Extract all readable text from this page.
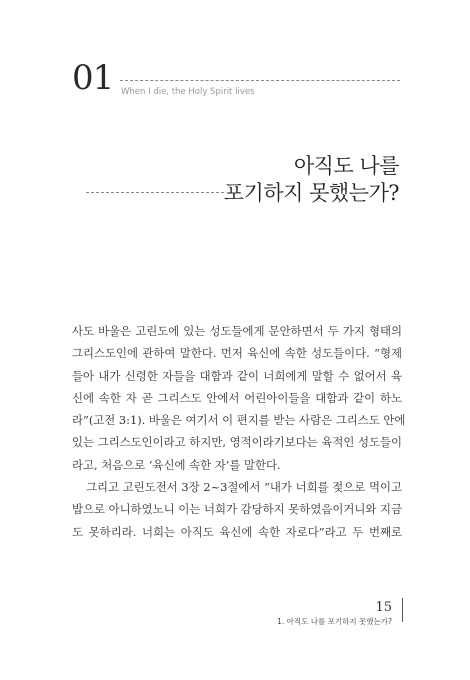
01 When I die, the Holy Spirit lives
아직도 나를
포기하지 못했는가?
사도 바울은 고린도에 있는 성도들에게 문안하면서 두 가지 형태의
그리스도인에 관하여 말한다. 먼저 육신에 속한 성도들이다. “형제
들아 내가 신령한 자들을 대함과 같이 너희에게 말할 수 없어서 육
신에 속한 자 곧 그리스도 안에서 어린아이들을 대함과 같이 하노
라”(고전 3:1). 바울은 여기서 이 편지를 받는 사람은 그리스도 안에
있는 그리스도인이라고 하지만, 영적이라기보다는 육적인 성도들이
라고, 처음으로 ‘육신에 속한 자’를 말한다.
그리고 고린도전서 3장 2~3절에서 “내가 너희를 젖으로 먹이고
밥으로 아니하였노니 이는 너희가 감당하지 못하였음이거니와 지금
도 못하리라. 너희는 아직도 육신에 속한 자로다”라고 두 번째로
15
1. 아직도 나를 포기하지 못했는가?
